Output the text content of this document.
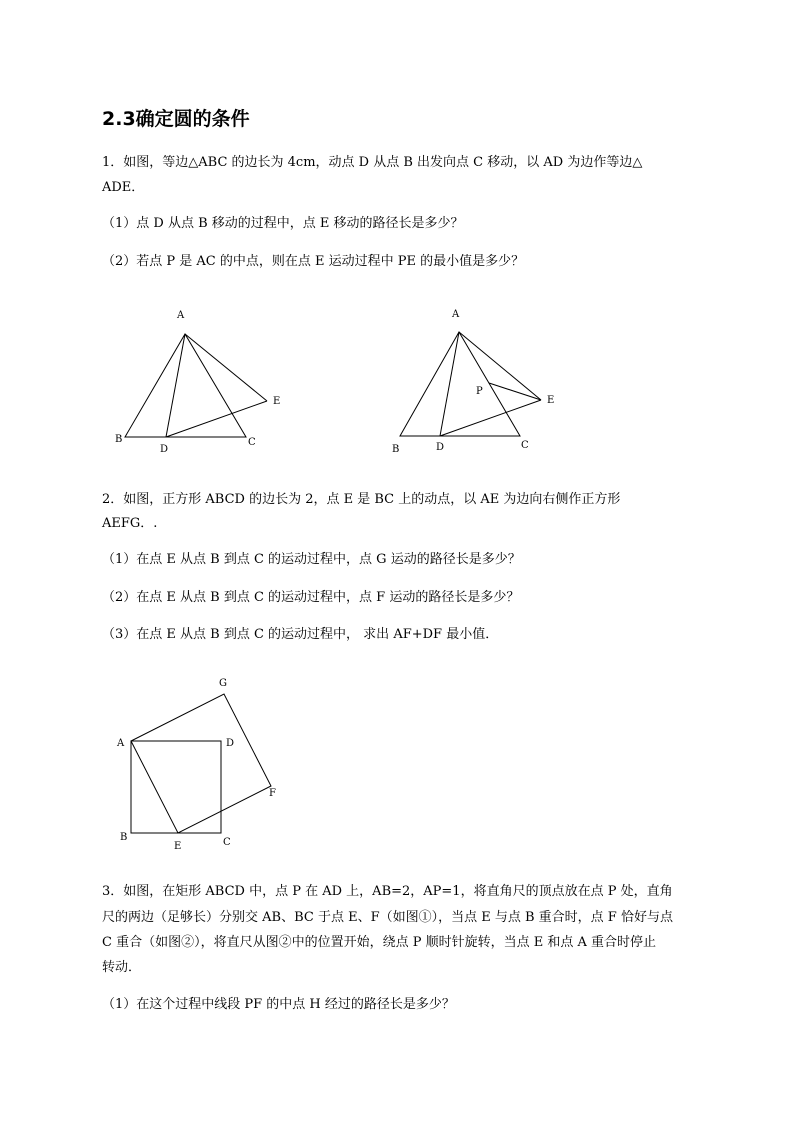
2.3确定圆的条件
1．如图，等边△ABC 的边长为 4cm，动点 D 从点 B 出发向点 C 移动，以 AD 为边作等边△
ADE．
（1）点 D 从点 B 移动的过程中，点 E 移动的路径长是多少？
（2）若点 P 是 AC 的中点，则在点 E 运动过程中 PE 的最小值是多少？
2．如图，正方形 ABCD 的边长为 2，点 E 是 BC 上的动点，以 AE 为边向右侧作正方形
AEFG．.
（1）在点 E 从点 B 到点 C 的运动过程中，点 G 运动的路径长是多少？
（2）在点 E 从点 B 到点 C 的运动过程中，点 F 运动的路径长是多少？
（3）在点 E 从点 B 到点 C 的运动过程中， 求出 AF+DF 最小值．
3．如图，在矩形 ABCD 中，点 P 在 AD 上，AB=2，AP=1，将直角尺的顶点放在点 P 处，直角
尺的两边（足够长）分别交 AB、BC 于点 E、F（如图①），当点 E 与点 B 重合时，点 F 恰好与点
C 重合（如图②），将直尺从图②中的位置开始，绕点 P 顺时针旋转，当点 E 和点 A 重合时停止
转动．
（1）在这个过程中线段 PF 的中点 H 经过的路径长是多少？
A
B	C
D
E
A
B	C
D
E
P
A
B	C
D
E
F
G
